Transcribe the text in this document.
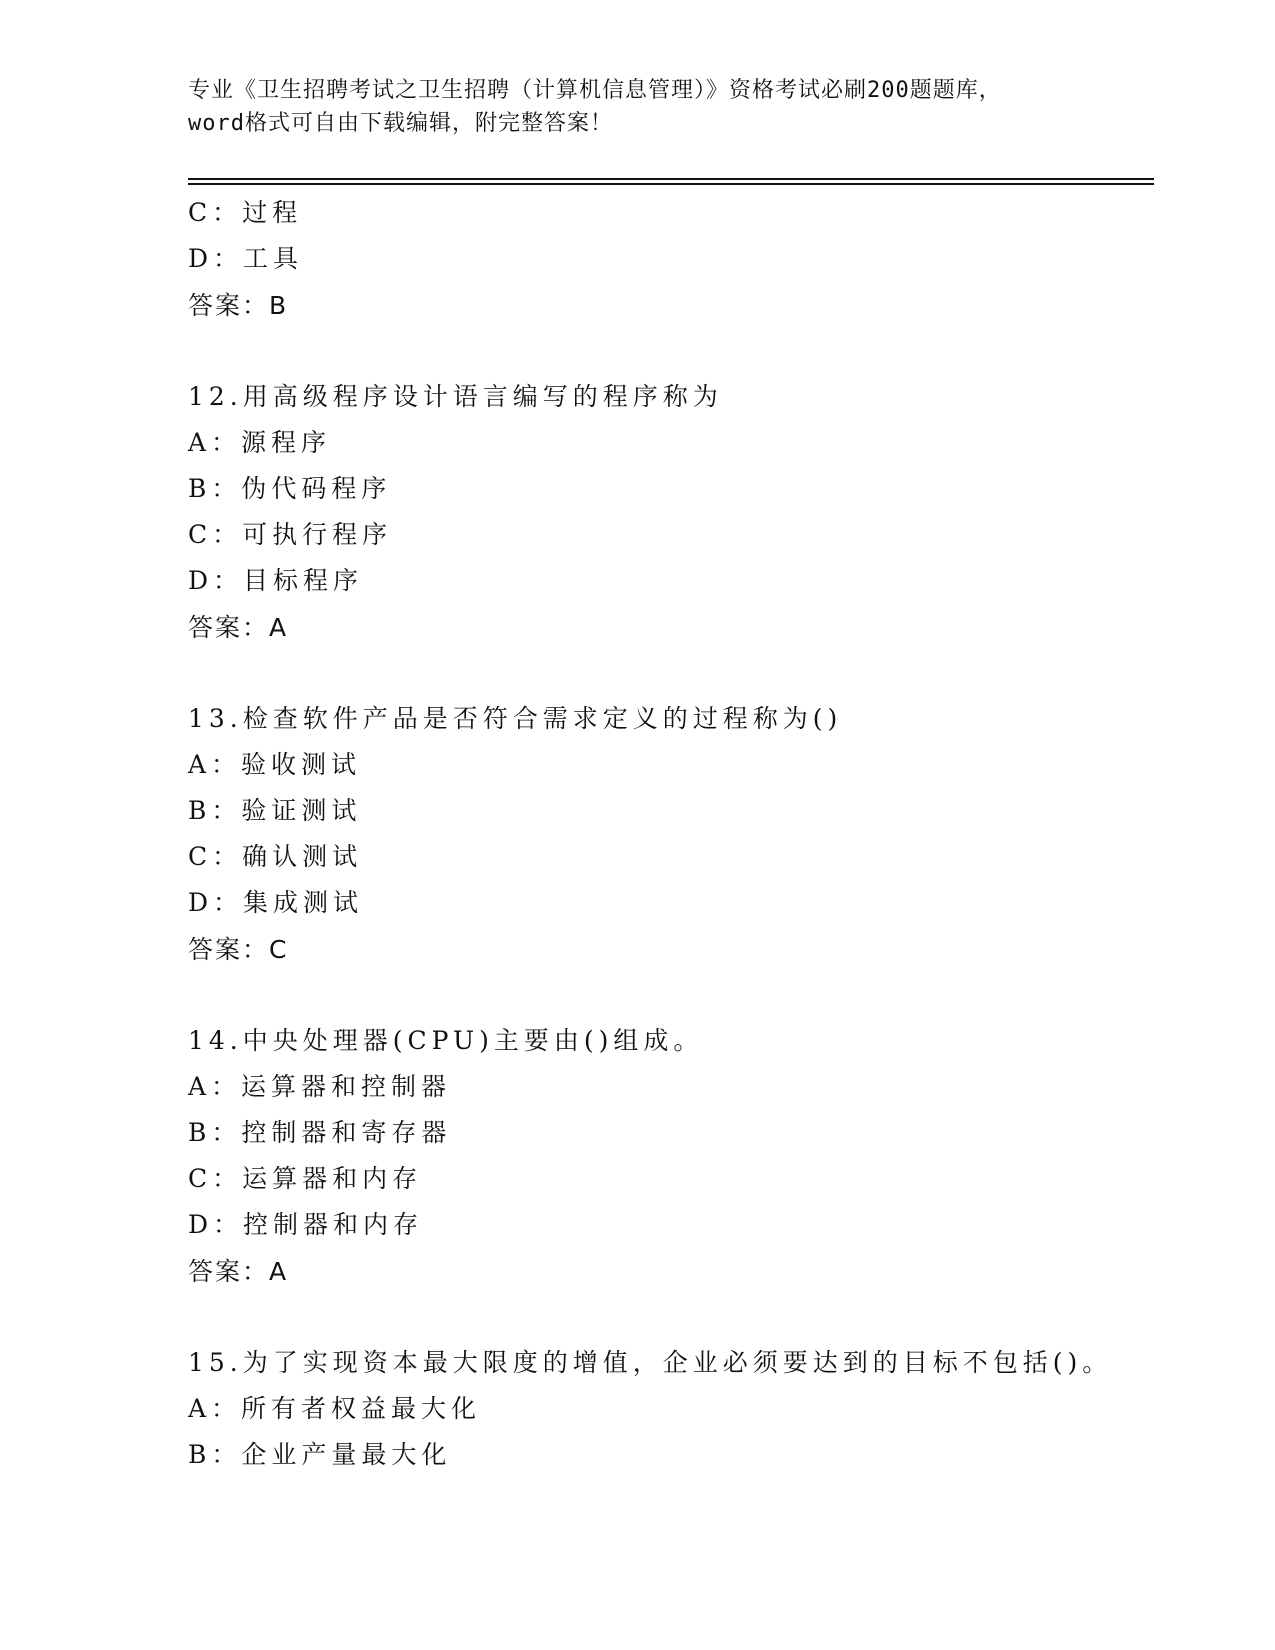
专业《卫生招聘考试之卫生招聘（计算机信息管理）》资格考试必刷200题题库，
word格式可自由下载编辑，附完整答案！
C：过程
D：工具
答案：B
12.用高级程序设计语言编写的程序称为
A：源程序
B：伪代码程序
C：可执行程序
D：目标程序
答案：A
13.检查软件产品是否符合需求定义的过程称为()
A：验收测试
B：验证测试
C：确认测试
D：集成测试
答案：C
14.中央处理器(CPU)主要由()组成。
A：运算器和控制器
B：控制器和寄存器
C：运算器和内存
D：控制器和内存
答案：A
15.为了实现资本最大限度的增值，企业必须要达到的目标不包括()。
A：所有者权益最大化
B：企业产量最大化
